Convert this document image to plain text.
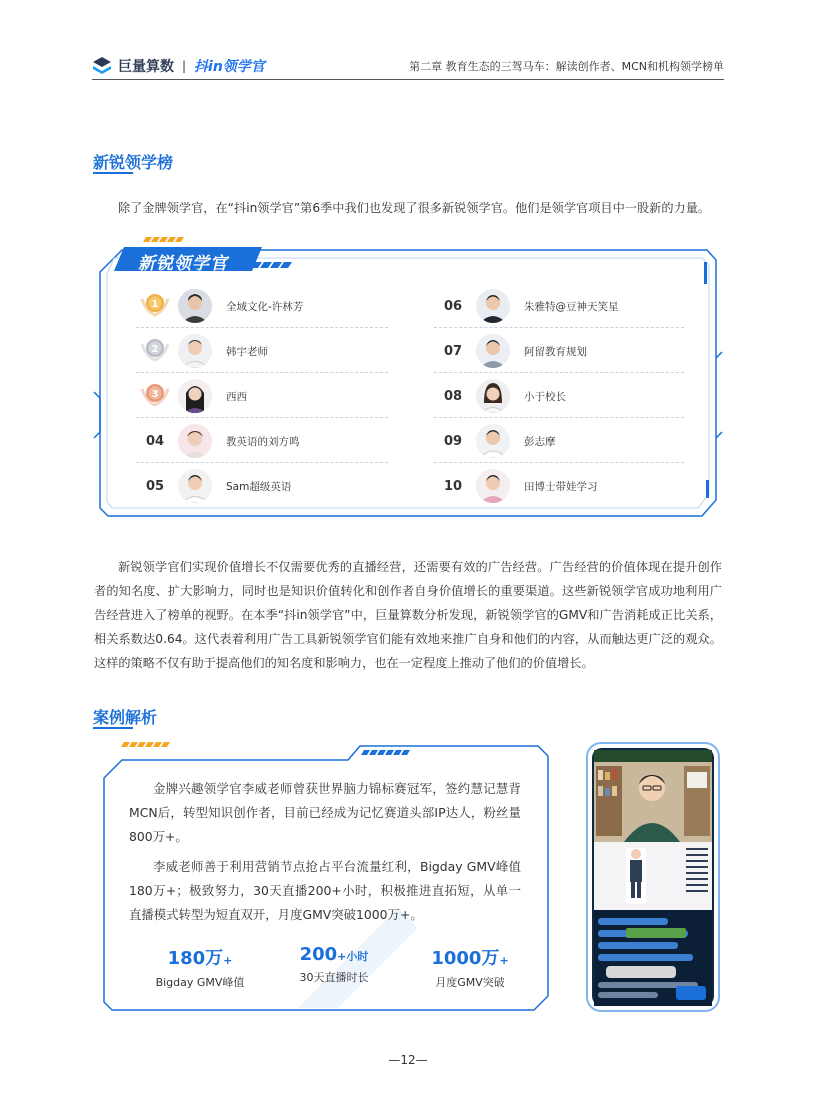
巨量算数 | 抖in领学官	第二章 教育生态的三驾马车：解读创作者、MCN和机构领学榜单
新锐领学榜
除了金牌领学官，在“抖in领学官”第6季中我们也发现了很多新锐领学官。他们是领学官项目中一股新的力量。
新锐领学官
1	全域文化-许林芳
2	韩宇老师
3	西西
04	教英语的刘方鸣
05	Sam超级英语
06	朱雅特@豆神天笑星
07	阿留教育规划
08	小于校长
09	彭志摩
10	田博士带娃学习
新锐领学官们实现价值增长不仅需要优秀的直播经营，还需要有效的广告经营。广告经营的价值体现在提升创作者的知名度、扩大影响力，同时也是知识价值转化和创作者自身价值增长的重要渠道。这些新锐领学官成功地利用广告经营进入了榜单的视野。在本季“抖in领学官”中，巨量算数分析发现，新锐领学官的GMV和广告消耗成正比关系，相关系数达0.64。这代表着利用广告工具新锐领学官们能有效地来推广自身和他们的内容，从而触达更广泛的观众。这样的策略不仅有助于提高他们的知名度和影响力，也在一定程度上推动了他们的价值增长。
案例解析
金牌兴趣领学官李威老师曾获世界脑力锦标赛冠军，签约慧记慧背MCN后，转型知识创作者，目前已经成为记忆赛道头部IP达人，粉丝量800万+。
李威老师善于利用营销节点抢占平台流量红利，Bigday GMV峰值180万+；极致努力，30天直播200+小时，积极推进直拓短，从单一直播模式转型为短直双开，月度GMV突破1000万+。
180万+
Bigday GMV峰值
200+小时
30天直播时长
1000万+
月度GMV突破
—12—
